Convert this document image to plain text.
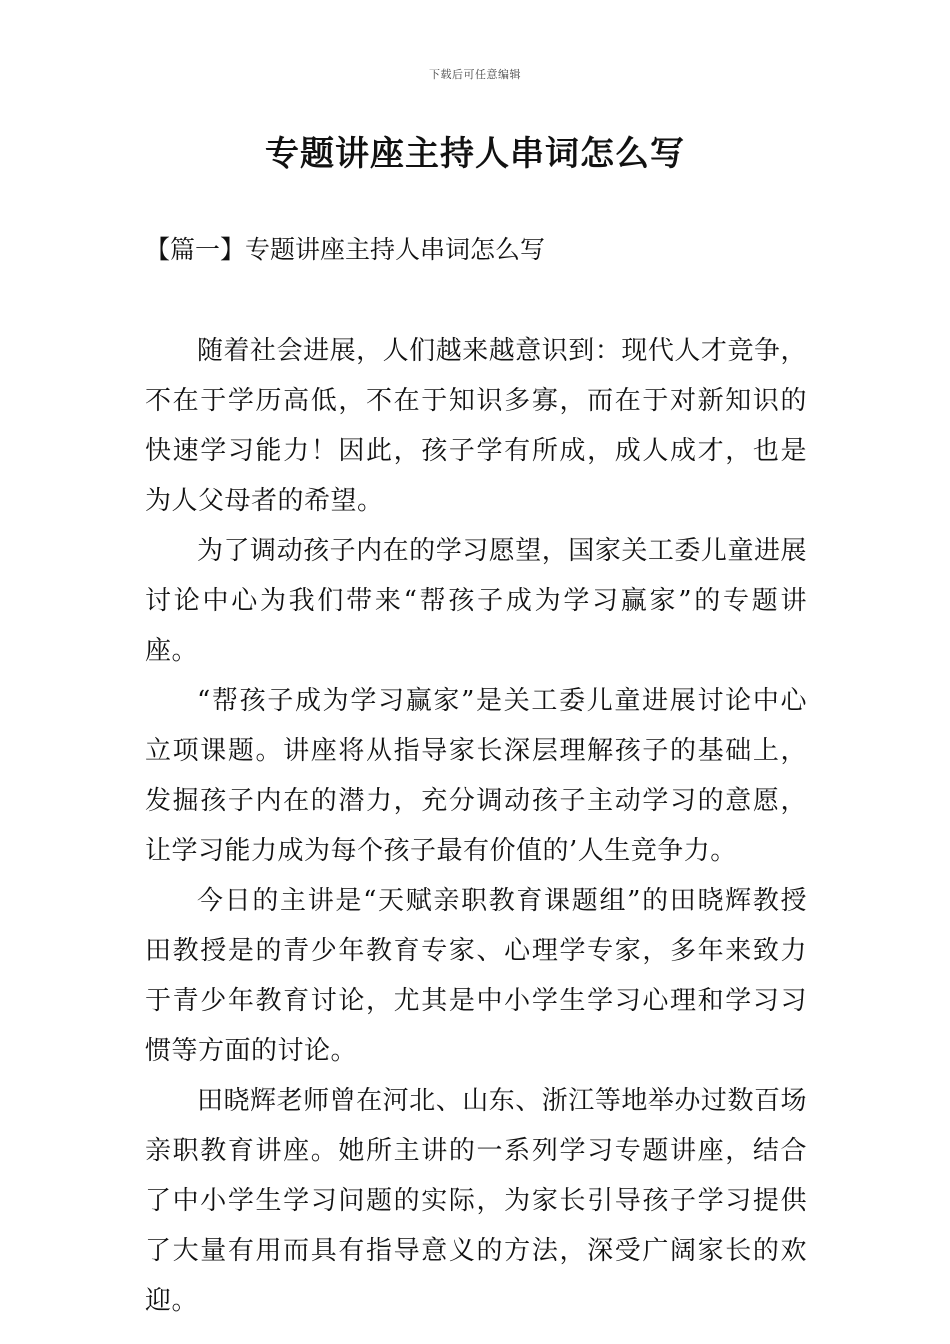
下载后可任意编辑
专题讲座主持人串词怎么写
【篇一】专题讲座主持人串词怎么写

随着社会进展，人们越来越意识到：现代人才竞争，不在于学历高低，不在于知识多寡，而在于对新知识的快速学习能力！因此，孩子学有所成，成人成才，也是为人父母者的希望。

为了调动孩子内在的学习愿望，国家关工委儿童进展讨论中心为我们带来“帮孩子成为学习赢家”的专题讲座。

“帮孩子成为学习赢家”是关工委儿童进展讨论中心立项课题。讲座将从指导家长深层理解孩子的基础上，发掘孩子内在的潜力，充分调动孩子主动学习的意愿，让学习能力成为每个孩子最有价值的’人生竞争力。

今日的主讲是“天赋亲职教育课题组”的田晓辉教授田教授是的青少年教育专家、心理学专家，多年来致力于青少年教育讨论，尤其是中小学生学习心理和学习习惯等方面的讨论。

田晓辉老师曾在河北、山东、浙江等地举办过数百场亲职教育讲座。她所主讲的一系列学习专题讲座，结合了中小学生学习问题的实际，为家长引导孩子学习提供了大量有用而具有指导意义的方法，深受广阔家长的欢迎。
